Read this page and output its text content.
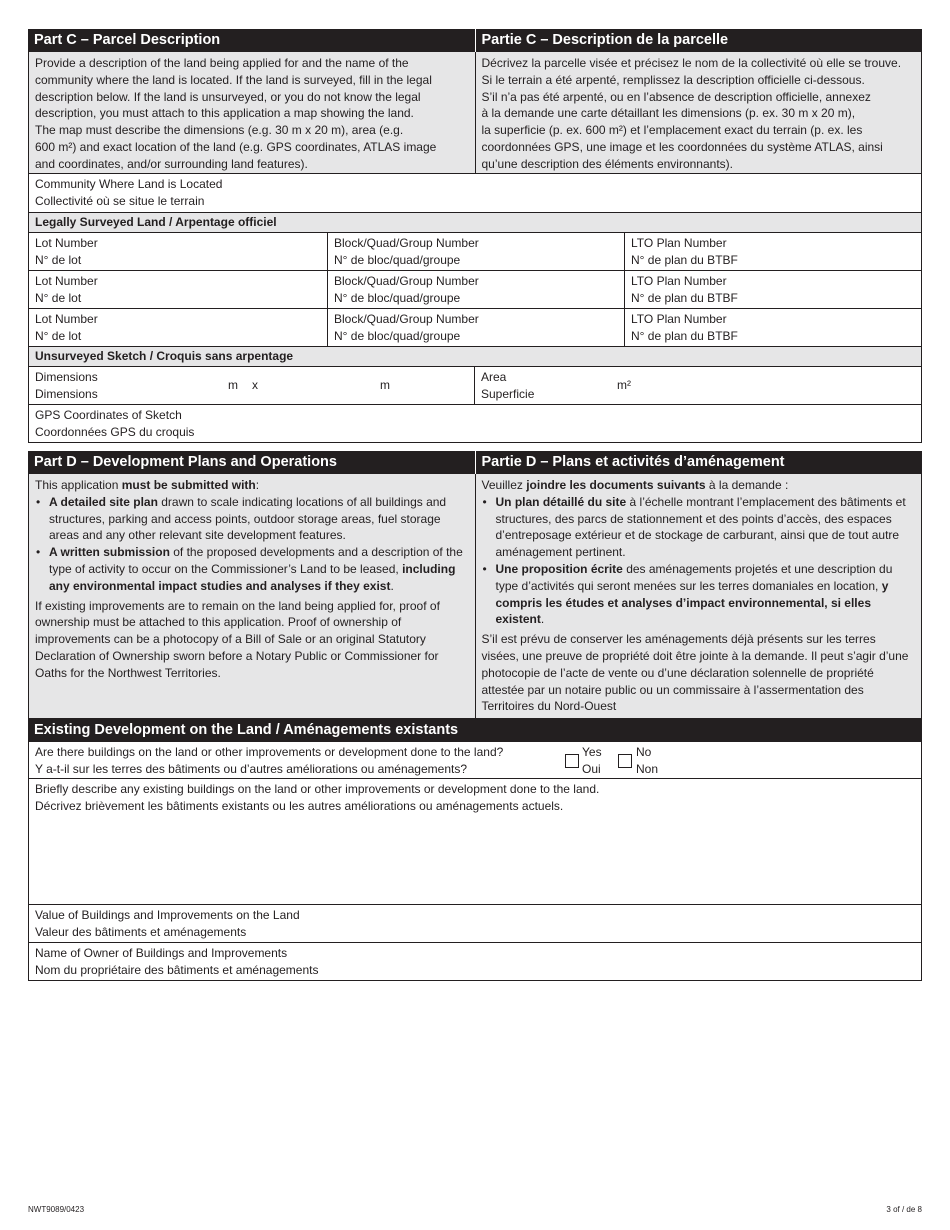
Part C – Parcel Description	Partie C – Description de la parcelle
Provide a description of the land being applied for and the name of the
community where the land is located. If the land is surveyed, fill in the legal
description below. If the land is unsurveyed, or you do not know the legal
description, you must attach to this application a map showing the land.
The map must describe the dimensions (e.g. 30 m x 20 m), area (e.g.
600 m²) and exact location of the land (e.g. GPS coordinates, ATLAS image
and coordinates, and/or surrounding land features).
Décrivez la parcelle visée et précisez le nom de la collectivité où elle se trouve.
Si le terrain a été arpenté, remplissez la description officielle ci-dessous.
S’il n’a pas été arpenté, ou en l’absence de description officielle, annexez
à la demande une carte détaillant les dimensions (p. ex. 30 m x 20 m),
la superficie (p. ex. 600 m²) et l’emplacement exact du terrain (p. ex. les
coordonnées GPS, une image et les coordonnées du système ATLAS, ainsi
qu’une description des éléments environnants).
Community Where Land is Located
Collectivité où se situe le terrain
Legally Surveyed Land / Arpentage officiel
Lot Number
N° de lot
Block/Quad/Group Number
N° de bloc/quad/groupe
LTO Plan Number
N° de plan du BTBF
Lot Number
N° de lot
Block/Quad/Group Number
N° de bloc/quad/groupe
LTO Plan Number
N° de plan du BTBF
Lot Number
N° de lot
Block/Quad/Group Number
N° de bloc/quad/groupe
LTO Plan Number
N° de plan du BTBF
Unsurveyed Sketch / Croquis sans arpentage
Dimensions
Dimensions
m x	m
Area
Superficie
m²
GPS Coordinates of Sketch
Coordonnées GPS du croquis
Part D – Development Plans and Operations	Partie D – Plans et activités d’aménagement

This application must be submitted with:

• A detailed site plan drawn to scale indicating locations of all buildings and structures, parking and access points, outdoor storage areas, fuel storage areas and any other relevant site development features.
• A written submission of the proposed developments and a description of the type of activity to occur on the Commissioner’s Land to be leased, including any environmental impact studies and analyses if they exist.

If existing improvements are to remain on the land being applied for, proof of ownership must be attached to this application. Proof of ownership of improvements can be a photocopy of a Bill of Sale or an original Statutory Declaration of Ownership sworn before a Notary Public or Commissioner for Oaths for the Northwest Territories.

Veuillez joindre les documents suivants à la demande :

• Un plan détaillé du site à l’échelle montrant l’emplacement des bâtiments et structures, des parcs de stationnement et des points d’accès, des espaces d’entreposage extérieur et de stockage de carburant, ainsi que de tout autre aménagement pertinent.
• Une proposition écrite des aménagements projetés et une description du type d’activités qui seront menées sur les terres domaniales en location, y compris les études et analyses d’impact environnemental, si elles existent.

S’il est prévu de conserver les aménagements déjà présents sur les terres visées, une preuve de propriété doit être jointe à la demande. Il peut s’agir d’une photocopie de l’acte de vente ou d’une déclaration solennelle de propriété attestée par un notaire public ou un commissaire à l’assermentation des Territoires du Nord-Ouest

Existing Development on the Land / Aménagements existants
Are there buildings on the land or other improvements or development done to the land?
Y a-t-il sur les terres des bâtiments ou d’autres améliorations ou aménagements?
Yes
Oui
No
Non
Briefly describe any existing buildings on the land or other improvements or development done to the land.
Décrivez brièvement les bâtiments existants ou les autres améliorations ou aménagements actuels.
Value of Buildings and Improvements on the Land
Valeur des bâtiments et aménagements
Name of Owner of Buildings and Improvements
Nom du propriétaire des bâtiments et aménagements
NWT9089/0423	3 of / de 8
